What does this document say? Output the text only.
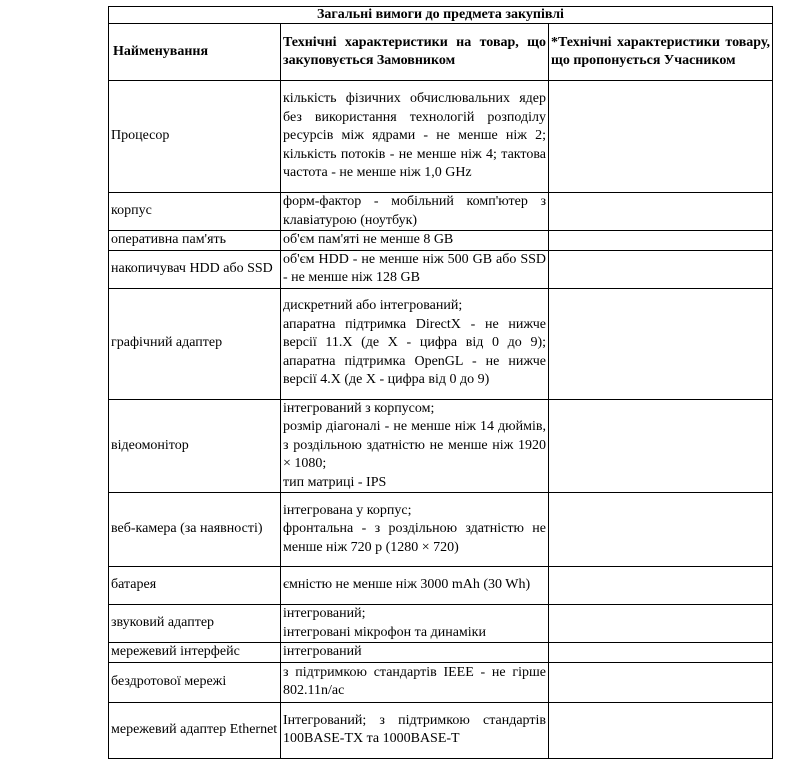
Загальні вимоги до предмета закупівлі		
Найменування	Технічні характеристики на товар, що закуповується Замовником	*Технічні характеристики товару, що пропонується Учасником
Процесор	кількість фізичних обчислювальних ядер без використання технологій розподілу ресурсів між ядрами - не менше ніж 2; кількість потоків - не менше ніж 4; тактова частота - не менше ніж 1,0 GHz	
корпус	форм-фактор - мобільний комп'ютер з клавіатурою (ноутбук)	
оперативна пам'ять	об'єм пам'яті не менше 8 GB	
накопичувач HDD або SSD	об'єм HDD - не менше ніж 500 GB або SSD - не менше ніж 128 GB	
графічний адаптер	дискретний або інтегрований;
апаратна підтримка DirectX - не нижче версії 11.X (де X - цифра від 0 до 9); апаратна підтримка OpenGL - не нижче версії 4.X (де X - цифра від 0 до 9)	

відеомонітор	інтегрований з корпусом;
розмір діагоналі - не менше ніж 14 дюймів, з роздільною здатністю не менше ніж 1920 × 1080;
тип матриці - IPS	

веб-камера (за наявності)	інтегрована у корпус;
фронтальна - з роздільною здатністю не менше ніж 720 p (1280 × 720)	

батарея	ємністю не менше ніж 3000 mAh (30 Wh)	
звуковий адаптер	інтегрований;
інтегровані мікрофон та динаміки	

мережевий інтерфейс	інтегрований	
бездротової мережі	з підтримкою стандартів IEEE - не гірше 802.11n/ac	
мережевий адаптер Ethernet	Інтегрований; з підтримкою стандартів 100BASE-TX та 1000BASE-T	
